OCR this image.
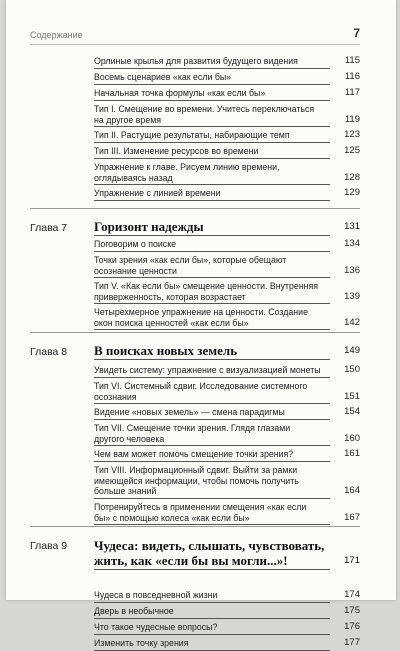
Содержание	7
Орлиные крылья для развития будущего видения	115
Восемь сценариев «как если бы»	116
Начальная точка формулы «как если бы»	117
Тип I. Смещение во времени. Учитесь переключаться на другое время	119
Тип II. Растущие результаты, набирающие темп	123
Тип III. Изменение ресурсов во времени	125
Упражнение к главе. Рисуем линию времени, оглядываясь назад	128
Упражнение с линией времени	129
Глава 7 Горизонт надежды	131
Поговорим о поиске	134
Точки зрения «как если бы», которые обещают осознание ценности	136
Тип V. «Как если бы» смещение ценности. Внутренняя приверженность, которая возрастает	139
Четырехмерное упражнение на ценности. Создание окон поиска ценностей «как если бы»	142
Глава 8 В поисках новых земель	149
Увидеть систему: упражнение с визуализацией монеты	150
Тип VI. Системный сдвиг. Исследование системного осознания	151
Видение «новых земель» — смена парадигмы	154
Тип VII. Смещение точки зрения. Глядя глазами другого человека	160
Чем вам может помочь смещение точки зрения?	161
Тип VIII. Информационный сдвиг. Выйти за рамки имеющейся информации, чтобы помочь получить больше знаний	164
Потренируйтесь в применении смещения «как если бы» с помощью колеса «как если бы»	167
Глава 9 Чудеса: видеть, слышать, чувствовать, жить, как «если бы вы могли...»!	171
Чудеса в повседневной жизни	174
Дверь в необычное	175
Что такое чудесные вопросы?	176
Изменить точку зрения	177
